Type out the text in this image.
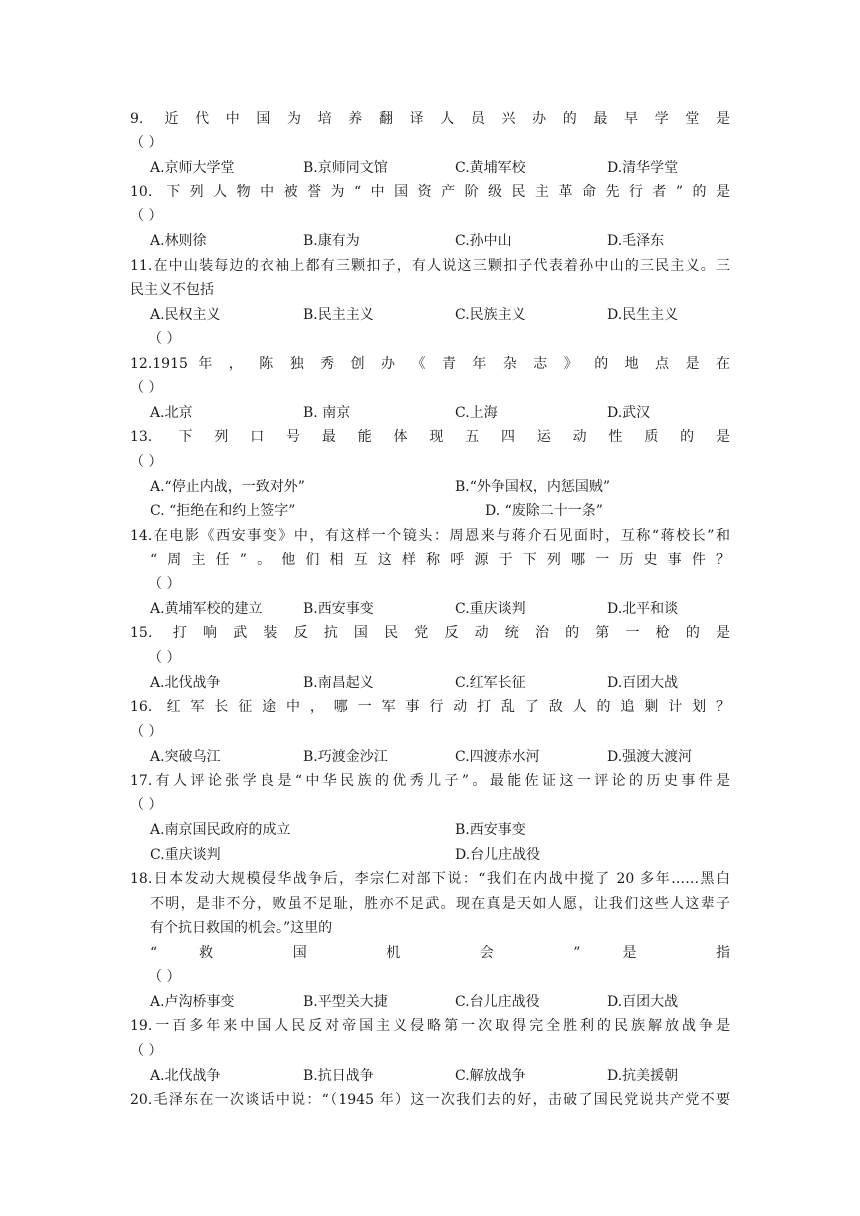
9. 近代中国为培养翻译人员兴办的最早学堂是
（ ）
A.京师大学堂	B.京师同文馆	C.黄埔军校	D.清华学堂
10. 下列人物中被誉为“中国资产阶级民主革命先行者”的是
（ ）
A.林则徐	B.康有为	C.孙中山	D.毛泽东
11.在中山装每边的衣袖上都有三颗扣子，有人说这三颗扣子代表着孙中山的三民主义。三
民主义不包括
A.民权主义	B.民主主义	C.民族主义	D.民生主义
（ ）
12.1915 年 ， 陈 独 秀 创 办 《 青 年 杂 志 》 的 地 点 是 在
（ ）
A.北京	B. 南京	C.上海	D.武汉
13. 下列口号最能体现五四运动性质的是
（ ）
A.“停止内战，一致对外”	B.“外争国权，内惩国贼”
C. “拒绝在和约上签字”	D. “废除二十一条”
14.在电影《西安事变》中，有这样一个镜头：周恩来与蒋介石见面时，互称“蒋校长”和
“周主任”。他们相互这样称呼源于下列哪一历史事件？
（ ）
A.黄埔军校的建立	B.西安事变	C.重庆谈判	D.北平和谈
15. 打响武装反抗国民党反动统治的第一枪的是
（ ）
A.北伐战争	B.南昌起义	C.红军长征	D.百团大战
16. 红军长征途中，哪一军事行动打乱了敌人的追剿计划？
（ ）
A.突破乌江	B.巧渡金沙江	C.四渡赤水河	D.强渡大渡河
17.有人评论张学良是“中华民族的优秀儿子”。最能佐证这一评论的历史事件是
（ ）
A.南京国民政府的成立	B.西安事变
C.重庆谈判	D.台儿庄战役
18.日本发动大规模侵华战争后，李宗仁对部下说：“我们在内战中搅了 20 多年……黑白
不明，是非不分，败虽不足耻，胜亦不足武。现在真是天如人愿，让我们这些人这辈子
有个抗日救国的机会。”这里的
“ 救 国 机 会 ” 是 指
（ ）
A.卢沟桥事变	B.平型关大捷	C.台儿庄战役	D.百团大战
19.一百多年来中国人民反对帝国主义侵略第一次取得完全胜利的民族解放战争是
（ ）
A.北伐战争	B.抗日战争	C.解放战争	D.抗美援朝
20.毛泽东在一次谈话中说：“（1945 年）这一次我们去的好，击破了国民党说共产党不要
